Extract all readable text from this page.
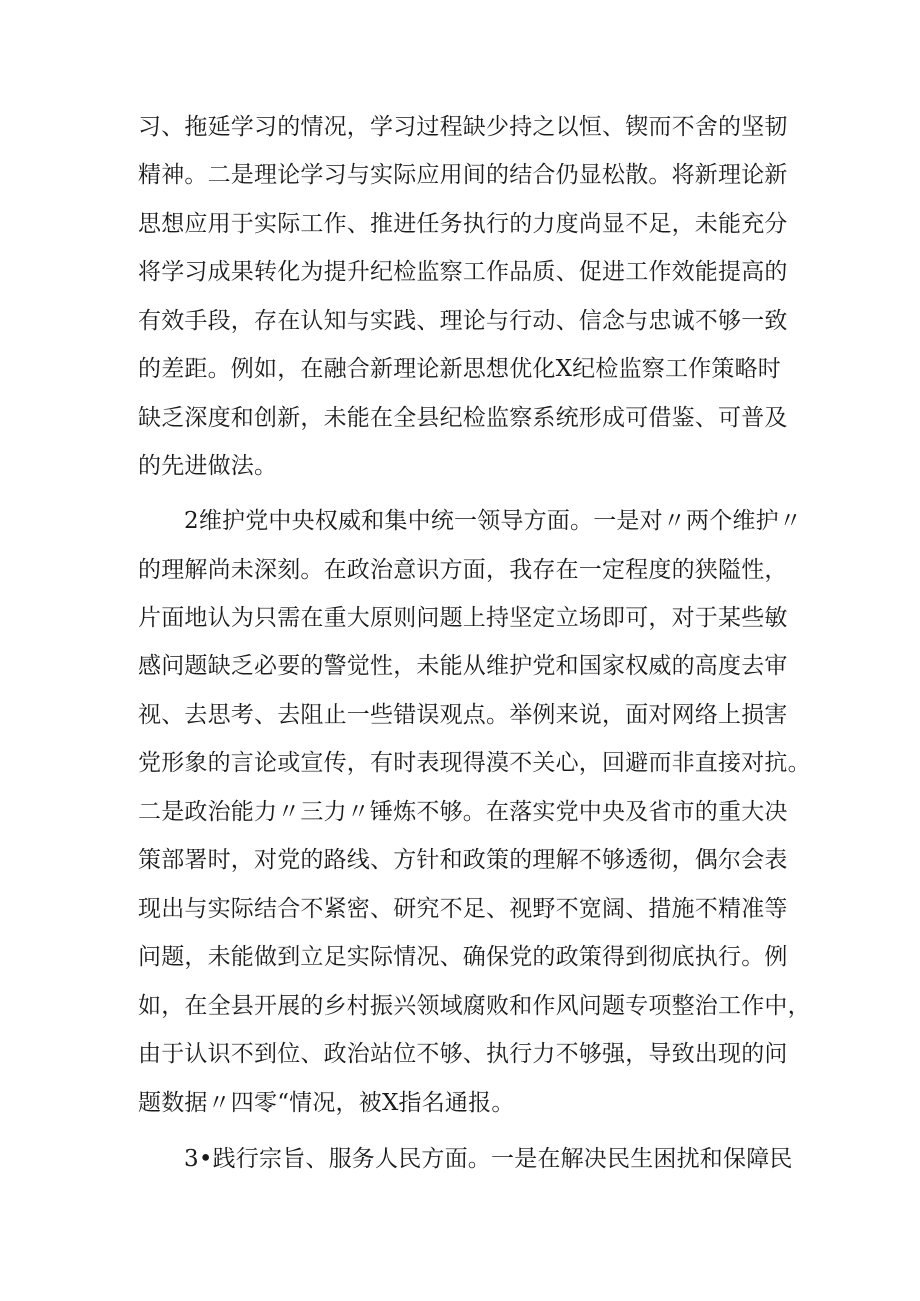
习、拖延学习的情况，学习过程缺少持之以恒、锲而不舍的坚韧
精神。二是理论学习与实际应用间的结合仍显松散。将新理论新
思想应用于实际工作、推进任务执行的力度尚显不足，未能充分
将学习成果转化为提升纪检监察工作品质、促进工作效能提高的
有效手段，存在认知与实践、理论与行动、信念与忠诚不够一致
的差距。例如，在融合新理论新思想优化X纪检监察工作策略时
缺乏深度和创新，未能在全县纪检监察系统形成可借鉴、可普及
的先进做法。
2维护党中央权威和集中统一领导方面。一是对〃两个维护〃
的理解尚未深刻。在政治意识方面，我存在一定程度的狭隘性，
片面地认为只需在重大原则问题上持坚定立场即可，对于某些敏
感问题缺乏必要的警觉性，未能从维护党和国家权威的高度去审
视、去思考、去阻止一些错误观点。举例来说，面对网络上损害
党形象的言论或宣传，有时表现得漠不关心，回避而非直接对抗。
二是政治能力〃三力〃锤炼不够。在落实党中央及省市的重大决
策部署时，对党的路线、方针和政策的理解不够透彻，偶尔会表
现出与实际结合不紧密、研究不足、视野不宽阔、措施不精准等
问题，未能做到立足实际情况、确保党的政策得到彻底执行。例
如，在全县开展的乡村振兴领域腐败和作风问题专项整治工作中，
由于认识不到位、政治站位不够、执行力不够强，导致出现的问
题数据〃四零“情况，被X指名通报。
3•践行宗旨、服务人民方面。一是在解决民生困扰和保障民
